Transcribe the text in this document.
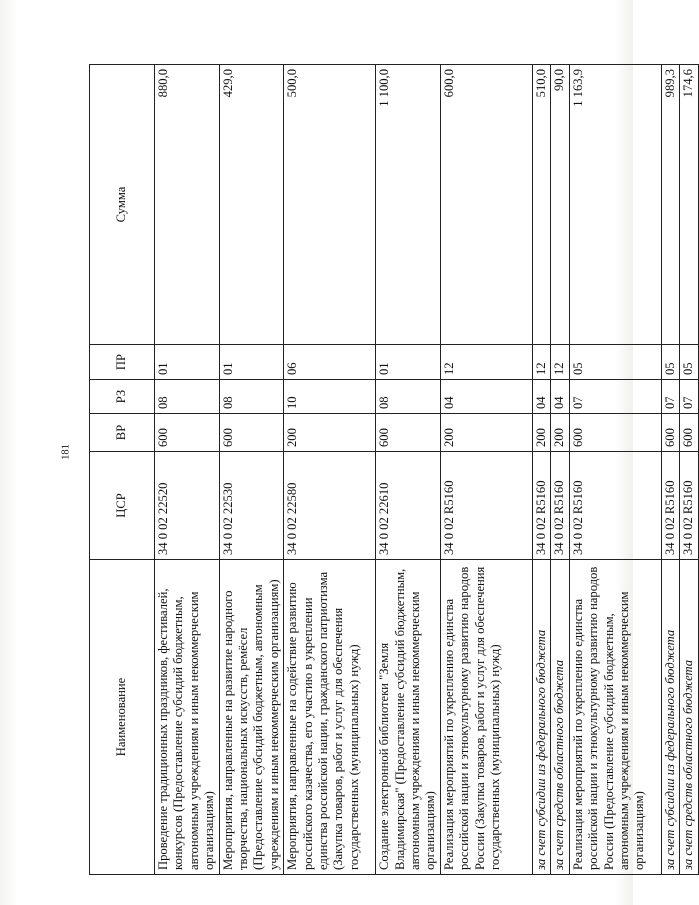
181
Наименование	ЦСР	ВР	РЗ	ПР	Сумма
Проведение традиционных праздников, фестивалей, конкурсов (Предоставление субсидий бюджетным, автономным учреждениям и иным некоммерческим организациям)	34 0 02 22520	600	08	01	880,0
Мероприятия, направленные на развитие народного творчества, национальных искусств, ремёсел (Предоставление субсидий бюджетным, автономным учреждениям и иным некоммерческим организациям)	34 0 02 22530	600	08	01	429,0
Мероприятия, направленные на содействие развитию российского казачества, его участию в укреплении единства российской нации, гражданского патриотизма (Закупка товаров, работ и услуг для обеспечения государственных (муниципальных) нужд)	34 0 02 22580	200	10	06	500,0
Создание электронной библиотеки "Земля Владимирская" (Предоставление субсидий бюджетным, автономным учреждениям и иным некоммерческим организациям)	34 0 02 22610	600	08	01	1 100,0
Реализация мероприятий по укреплению единства российской нации и этнокультурному развитию народов России (Закупка товаров, работ и услуг для обеспечения государственных (муниципальных) нужд)	34 0 02 R5160	200	04	12	600,0
за счет субсидии из федерального бюджета	34 0 02 R5160	200	04	12	510,0
за счет средств областного бюджета	34 0 02 R5160	200	04	12	90,0
Реализация мероприятий по укреплению единства российской нации и этнокультурному развитию народов России (Предоставление субсидий бюджетным, автономным учреждениям и иным некоммерческим организациям)	34 0 02 R5160	600	07	05	1 163,9
за счет субсидии из федерального бюджета	34 0 02 R5160	600	07	05	989,3
за счет средств областного бюджета	34 0 02 R5160	600	07	05	174,6
